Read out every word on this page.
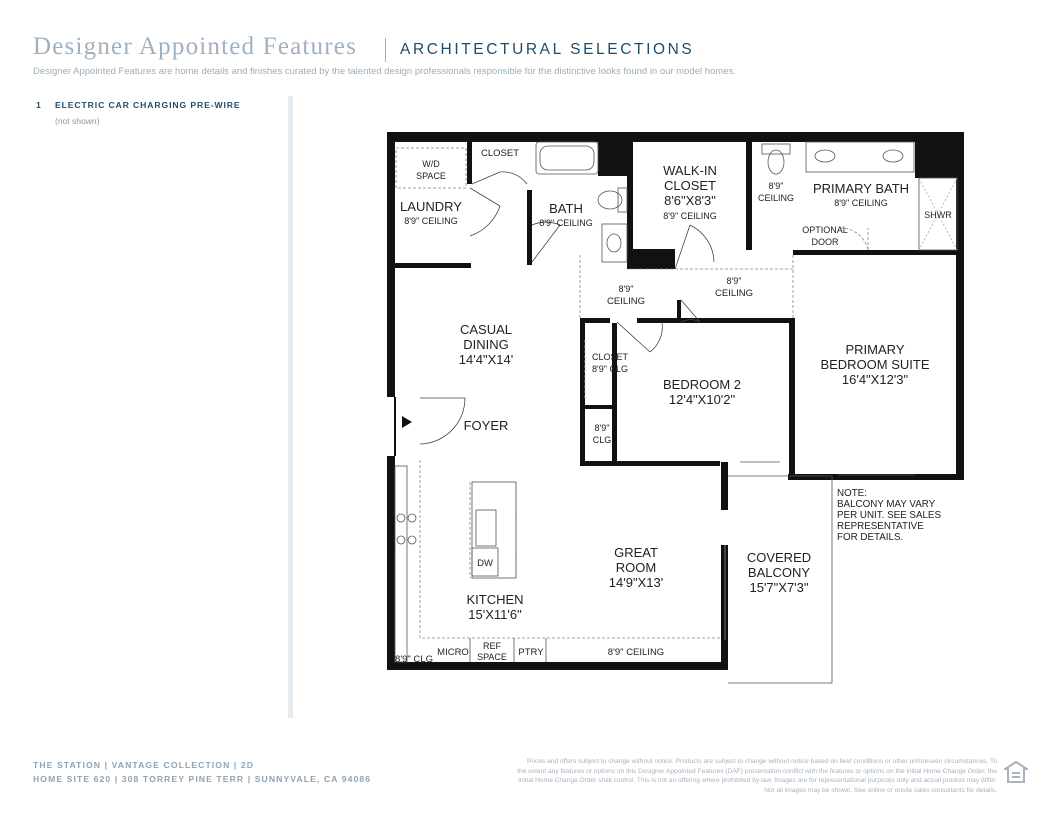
Designer Appointed Features	ARCHITECTURAL SELECTIONS
Designer Appointed Features are home details and finishes curated by the talented design professionals responsible for the distinctive looks found in our model homes.
1 ELECTRIC CAR CHARGING PRE-WIRE
(not shown)
W/D
SPACE
LAUNDRY
8'9" CEILING
CLOSET
BATH
8'9" CEILING
WALK-IN
CLOSET
8'6"X8'3"
8'9" CEILING
8'9"
CEILING
PRIMARY BATH
8'9" CEILING
SHWR
OPTIONAL
DOOR
8'9"
CEILING
8'9"
CEILING
CASUAL
DINING
14'4"X14'	CLOSET
8'9" CLG
8'9"
CLG
BEDROOM 2
12'4"X10'2"
PRIMARY
BEDROOM SUITE
16'4"X12'3"
FOYER
GREAT
ROOM
14'9"X13'
COVERED
BALCONY
15'7"X7'3"
DW
KITCHEN
15'X11'6"
8'9" CLG
MICRO
REF
SPACE PTRY	8'9" CEILING
NOTE:
BALCONY MAY VARY
PER UNIT. SEE SALES
REPRESENTATIVE
FOR DETAILS.
THE STATION | VANTAGE COLLECTION | 2D
HOME SITE 620 | 308 TORREY PINE TERR | SUNNYVALE, CA 94086
Prices and offers subject to change without notice. Products are subject to change without notice based on field conditions or other unforeseen circumstances. To the extent any features or options on this Designer Appointed Features (DAF) presentation conflict with the features or options on the initial Home Change Order, the initial Home Change Order shall control. This is not an offering where prohibited by law. Images are for representational purposes only and actual product may differ. Not all images may be shown. See online or onsite sales consultants for details.
